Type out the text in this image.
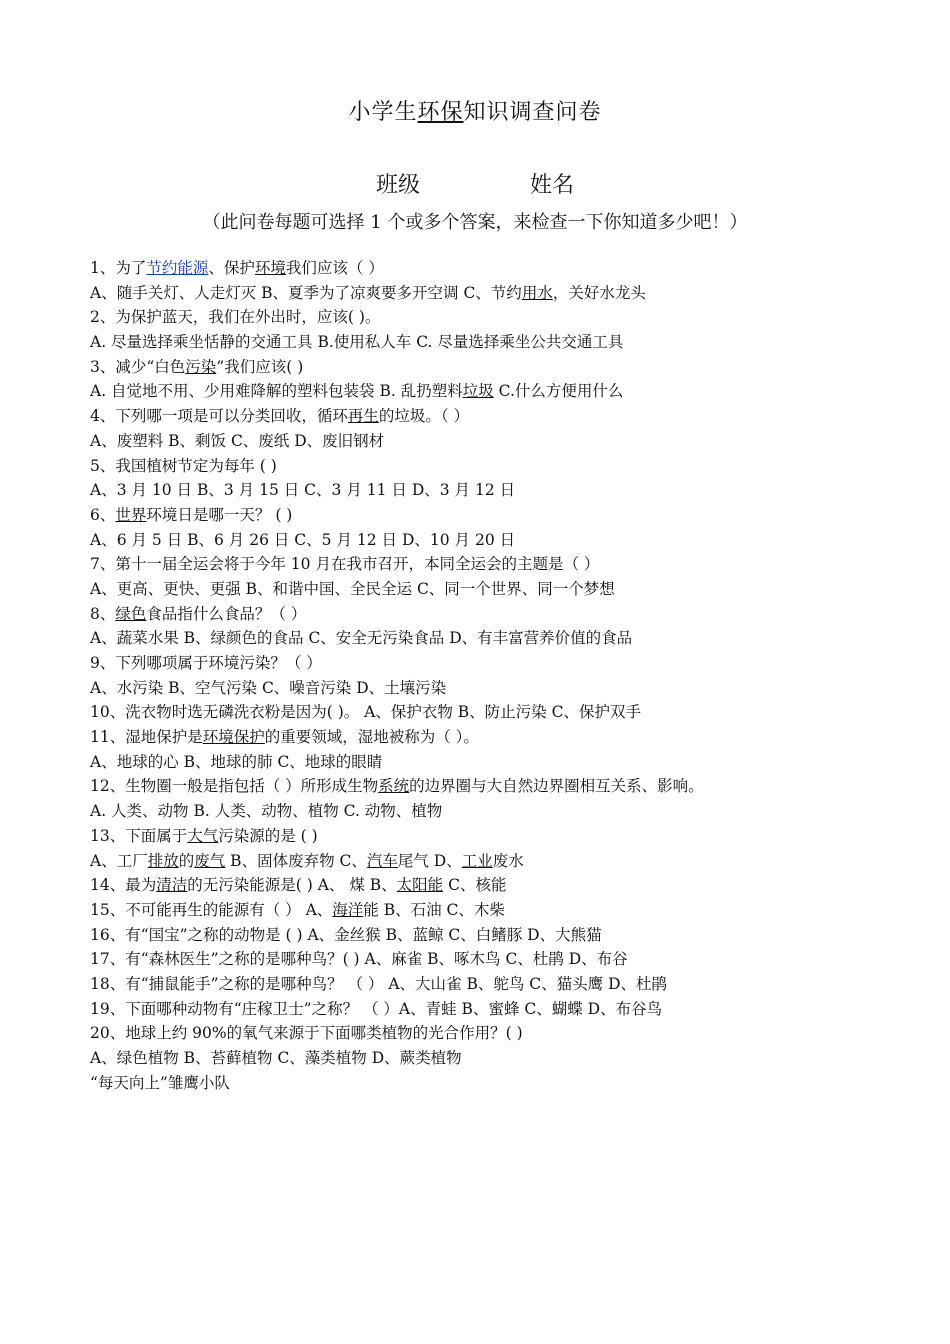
小学生环保知识调查问卷
班级	姓名
（此问卷每题可选择 1 个或多个答案，来检查一下你知道多少吧！）
1、为了节约能源、保护环境我们应该（ ）
A、随手关灯、人走灯灭 B、夏季为了凉爽要多开空调 C、节约用水，关好水龙头
2、为保护蓝天，我们在外出时，应该( )。
A. 尽量选择乘坐恬静的交通工具 B.使用私人车 C. 尽量选择乘坐公共交通工具
3、减少“白色污染”我们应该( )
A. 自觉地不用、少用难降解的塑料包装袋 B. 乱扔塑料垃圾 C.什么方便用什么
4、下列哪一项是可以分类回收，循环再生的垃圾。（ ）
A、废塑料 B、剩饭 C、废纸 D、废旧钢材
5、我国植树节定为每年 ( )
A、3 月 10 日 B、3 月 15 日 C、3 月 11 日 D、3 月 12 日
6、世界环境日是哪一天？ ( )
A、6 月 5 日 B、6 月 26 日 C、5 月 12 日 D、10 月 20 日
7、第十一届全运会将于今年 10 月在我市召开，本同全运会的主题是（ ）
A、更高、更快、更强 B、和谐中国、全民全运 C、同一个世界、同一个梦想
8、绿色食品指什么食品？（ ）
A、蔬菜水果 B、绿颜色的食品 C、安全无污染食品 D、有丰富营养价值的食品
9、下列哪项属于环境污染？（ ）
A、水污染 B、空气污染 C、噪音污染 D、土壤污染
10、洗衣物时选无磷洗衣粉是因为( )。 A、保护衣物 B、防止污染 C、保护双手
11、湿地保护是环境保护的重要领域，湿地被称为（ ）。
A、地球的心 B、地球的肺 C、地球的眼睛
12、生物圈一般是指包括（ ）所形成生物系统的边界圈与大自然边界圈相互关系、影响。
A. 人类、动物 B. 人类、动物、植物 C. 动物、植物
13、下面属于大气污染源的是 ( )
A、工厂排放的废气 B、固体废弃物 C、汽车尾气 D、工业废水
14、最为清洁的无污染能源是( ) A、 煤 B、太阳能 C、核能
15、不可能再生的能源有（ ） A、海洋能 B、石油 C、木柴
16、有“国宝”之称的动物是 ( ) A、金丝猴 B、蓝鲸 C、白鳍豚 D、大熊猫
17、有“森林医生”之称的是哪种鸟？( ) A、麻雀 B、啄木鸟 C、杜鹃 D、布谷
18、有“捕鼠能手”之称的是哪种鸟？ （ ） A、大山雀 B、鸵鸟 C、猫头鹰 D、杜鹃
19、下面哪种动物有“庄稼卫士”之称？ （ ）A、青蛙 B、蜜蜂 C、蝴蝶 D、布谷鸟
20、地球上约 90%的氧气来源于下面哪类植物的光合作用？( )
A、绿色植物 B、苔藓植物 C、藻类植物 D、蕨类植物
“每天向上”雏鹰小队
